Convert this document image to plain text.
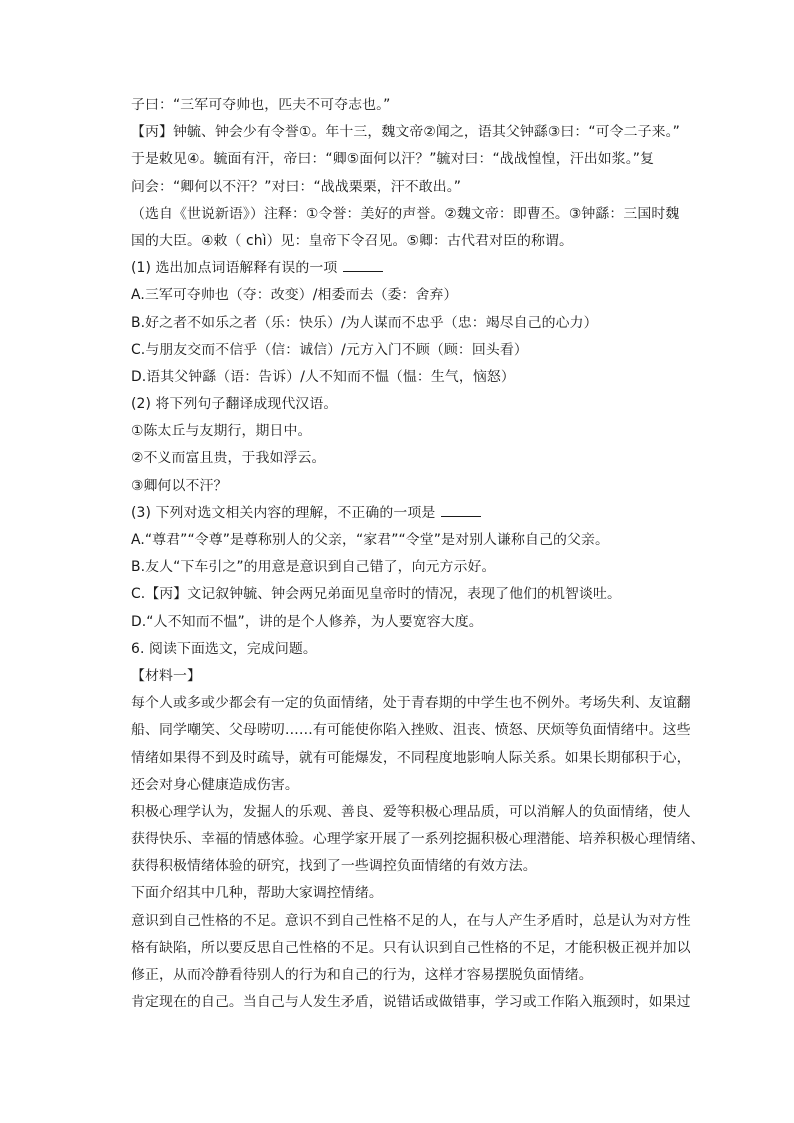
子曰：“三军可夺帅也，匹夫不可夺志也。”
【丙】钟毓、钟会少有令誉①。年十三，魏文帝②闻之，语其父钟繇③曰：“可令二子来。”
于是敕见④。毓面有汗，帝曰：“卿⑤面何以汗？”毓对曰：“战战惶惶，汗出如浆。”复
问会：“卿何以不汗？”对曰：“战战栗栗，汗不敢出。”
（选自《世说新语》）注释：①令誉：美好的声誉。②魏文帝：即曹丕。③钟繇：三国时魏
国的大臣。④敕（ chì）见：皇帝下令召见。⑤卿：古代君对臣的称谓。
(1) 选出加点词语解释有误的一项
A.三军可夺帅也（夺：改变）/相委而去（委：舍弃）
B.好之者不如乐之者（乐：快乐）/为人谋而不忠乎（忠：竭尽自己的心力）
C.与朋友交而不信乎（信：诚信）/元方入门不顾（顾：回头看）
D.语其父钟繇（语：告诉）/人不知而不愠（愠：生气，恼怒）
(2) 将下列句子翻译成现代汉语。
①陈太丘与友期行，期日中。
②不义而富且贵，于我如浮云。
③卿何以不汗？
(3) 下列对选文相关内容的理解，不正确的一项是
A.“尊君”“令尊”是尊称别人的父亲，“家君”“令堂”是对别人谦称自己的父亲。
B.友人“下车引之”的用意是意识到自己错了，向元方示好。
C.【丙】文记叙钟毓、钟会两兄弟面见皇帝时的情况，表现了他们的机智谈吐。
D.“人不知而不愠”，讲的是个人修养，为人要宽容大度。
6. 阅读下面选文，完成问题。
【材料一】
每个人或多或少都会有一定的负面情绪，处于青春期的中学生也不例外。考场失利、友谊翻
船、同学嘲笑、父母唠叨……有可能使你陷入挫败、沮丧、愤怒、厌烦等负面情绪中。这些
情绪如果得不到及时疏导，就有可能爆发，不同程度地影响人际关系。如果长期郁积于心，
还会对身心健康造成伤害。
积极心理学认为，发掘人的乐观、善良、爱等积极心理品质，可以消解人的负面情绪，使人
获得快乐、幸福的情感体验。心理学家开展了一系列挖掘积极心理潜能、培养积极心理情绪、
获得积极情绪体验的研究，找到了一些调控负面情绪的有效方法。
下面介绍其中几种，帮助大家调控情绪。
意识到自己性格的不足。意识不到自己性格不足的人，在与人产生矛盾时，总是认为对方性
格有缺陷，所以要反思自己性格的不足。只有认识到自己性格的不足，才能积极正视并加以
修正，从而冷静看待别人的行为和自己的行为，这样才容易摆脱负面情绪。
肯定现在的自己。当自己与人发生矛盾，说错话或做错事，学习或工作陷入瓶颈时，如果过
